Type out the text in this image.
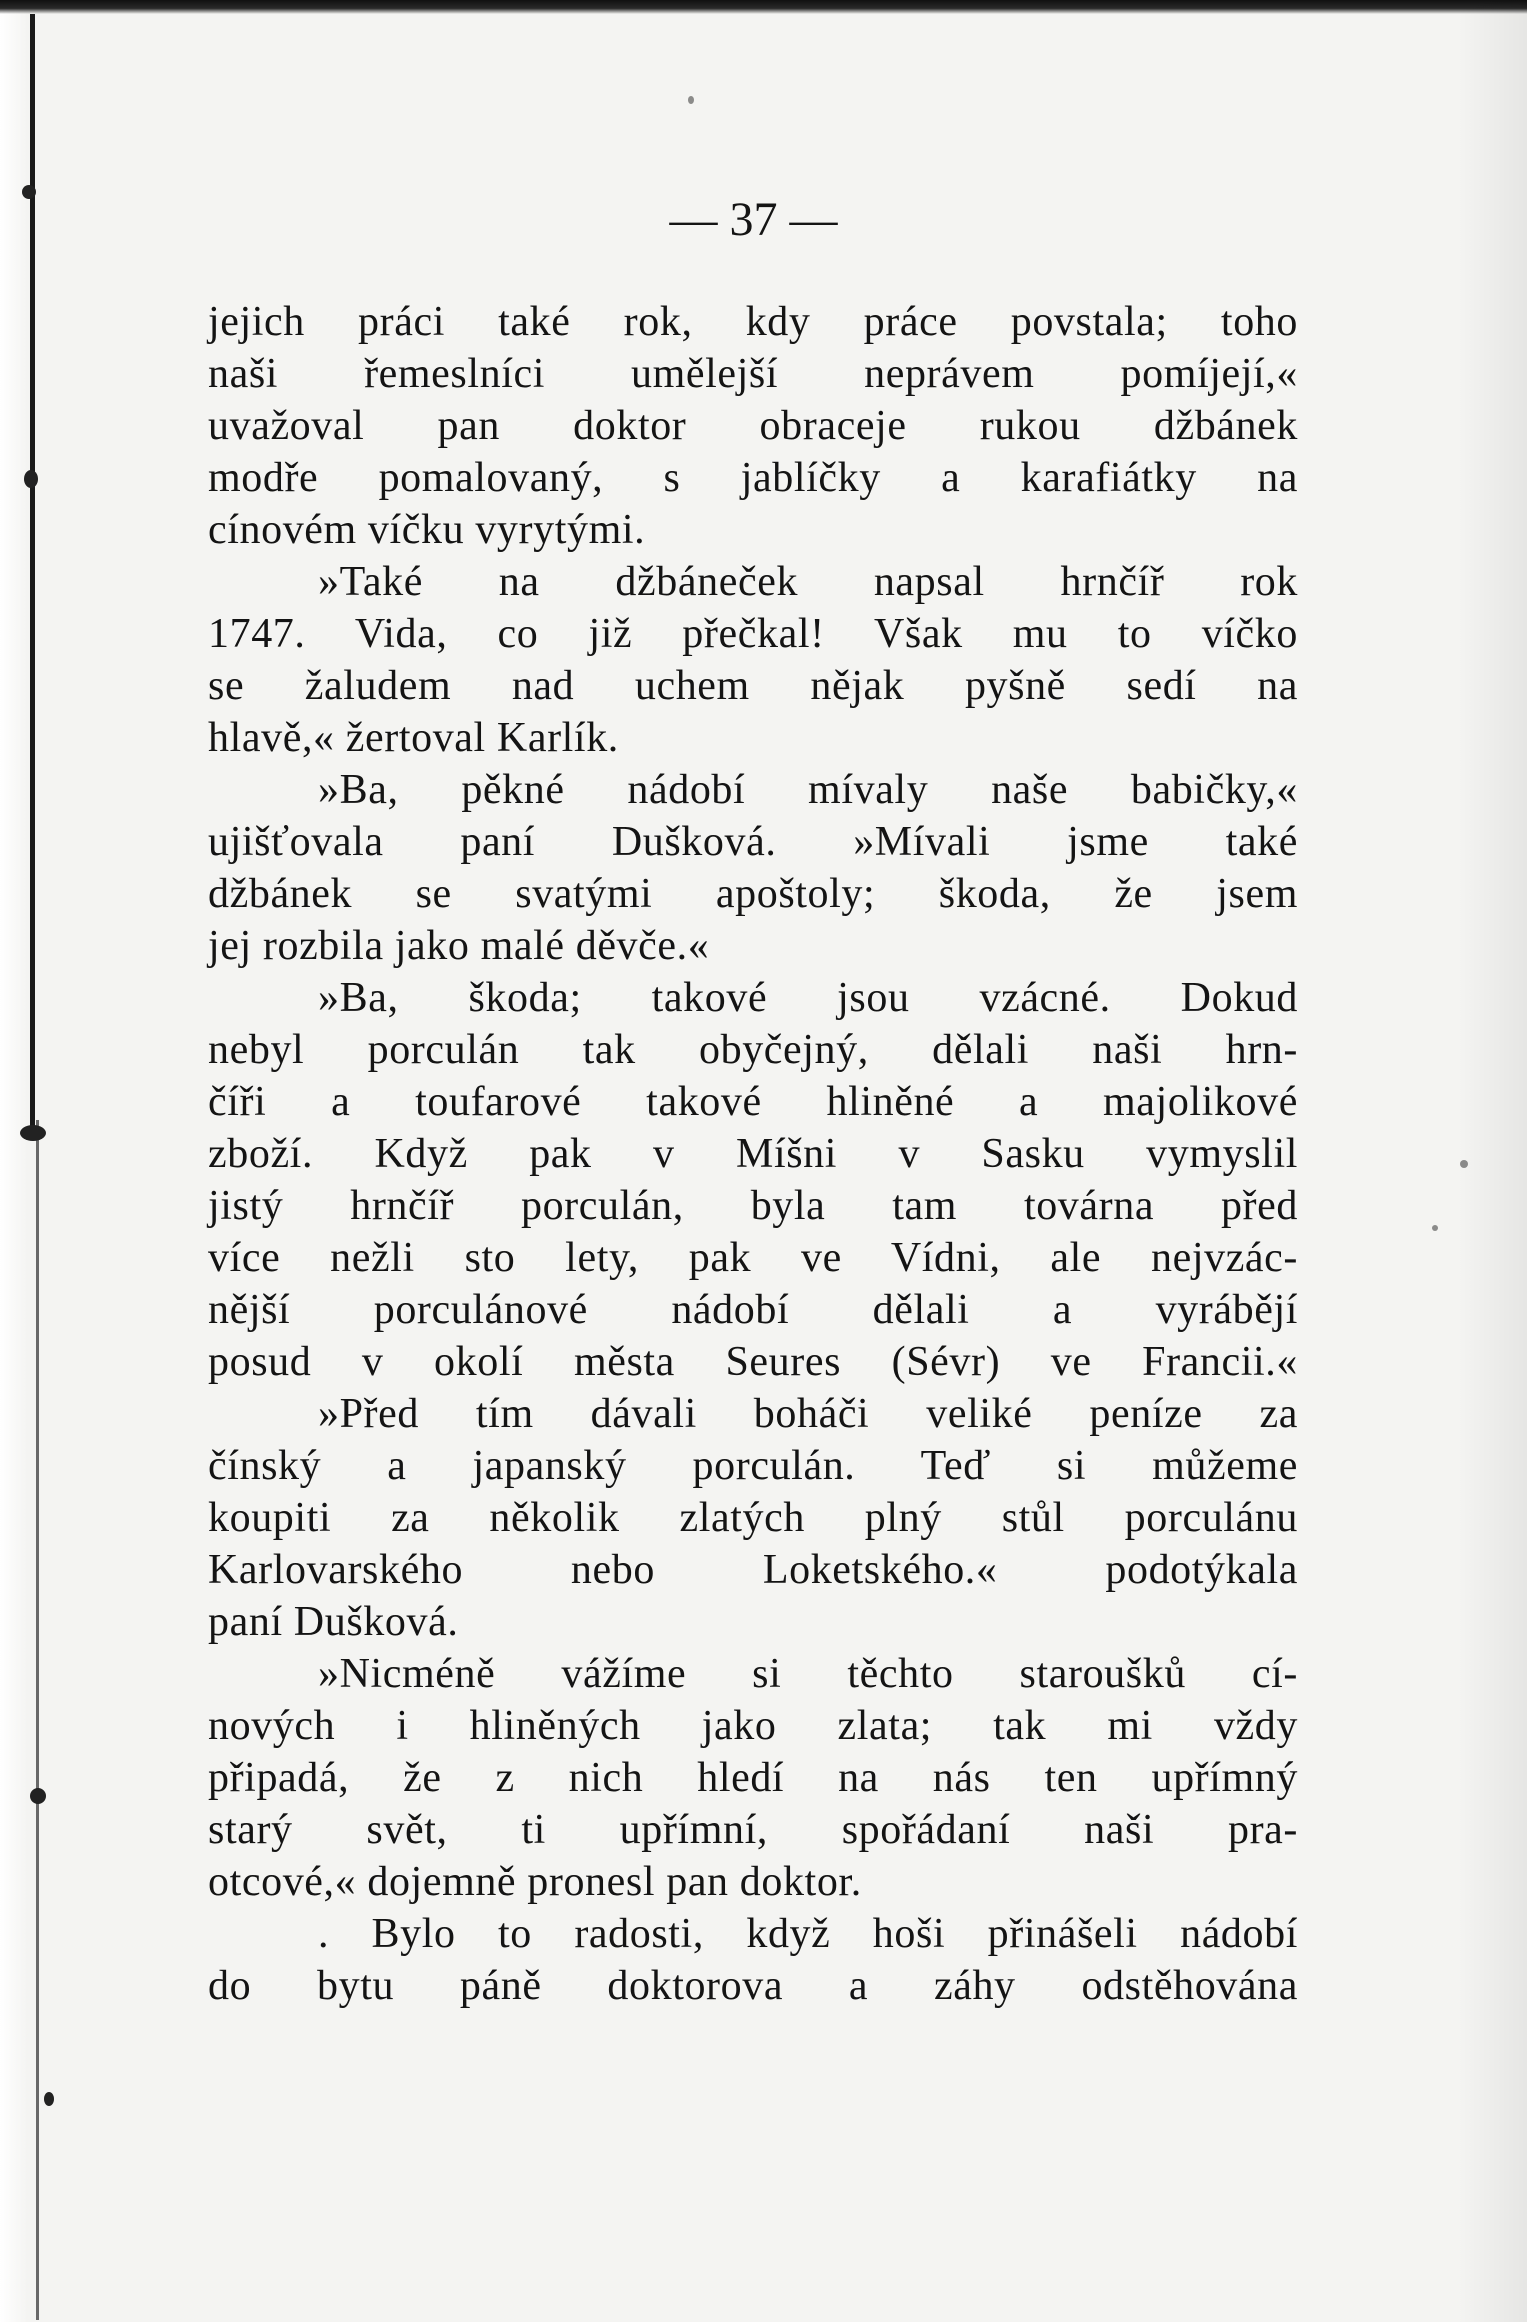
— 37 —
jejich práci také rok, kdy práce povstala; toho
naši řemeslníci umělejší neprávem pomíjejí,«
uvažoval pan doktor obraceje rukou džbánek
modře pomalovaný, s jablíčky a karafiátky na
cínovém víčku vyrytými.
»Také na džbáneček napsal hrnčíř rok
1747. Vida, co již přečkal! Však mu to víčko
se žaludem nad uchem nějak pyšně sedí na
hlavě,« žertoval Karlík.
»Ba, pěkné nádobí mívaly naše babičky,«
ujišťovala paní Dušková. »Mívali jsme také
džbánek se svatými apoštoly; škoda, že jsem
jej rozbila jako malé děvče.«
»Ba, škoda; takové jsou vzácné. Dokud
nebyl porculán tak obyčejný, dělali naši hrn-
číři a toufarové takové hliněné a majolikové
zboží. Když pak v Míšni v Sasku vymyslil
jistý hrnčíř porculán, byla tam továrna před
více nežli sto lety, pak ve Vídni, ale nejvzác-
nější porculánové nádobí dělali a vyrábějí
posud v okolí města Seures (Sévr) ve Francii.«
»Před tím dávali boháči veliké peníze za
čínský a japanský porculán. Teď si můžeme
koupiti za několik zlatých plný stůl porculánu
Karlovarského nebo Loketského.« podotýkala
paní Dušková.
»Nicméně vážíme si těchto staroušků cí-
nových i hliněných jako zlata; tak mi vždy
připadá, že z nich hledí na nás ten upřímný
starý svět, ti upřímní, spořádaní naši pra-
otcové,« dojemně pronesl pan doktor.
. Bylo to radosti, když hoši přinášeli nádobí
do bytu páně doktorova a záhy odstěhována
